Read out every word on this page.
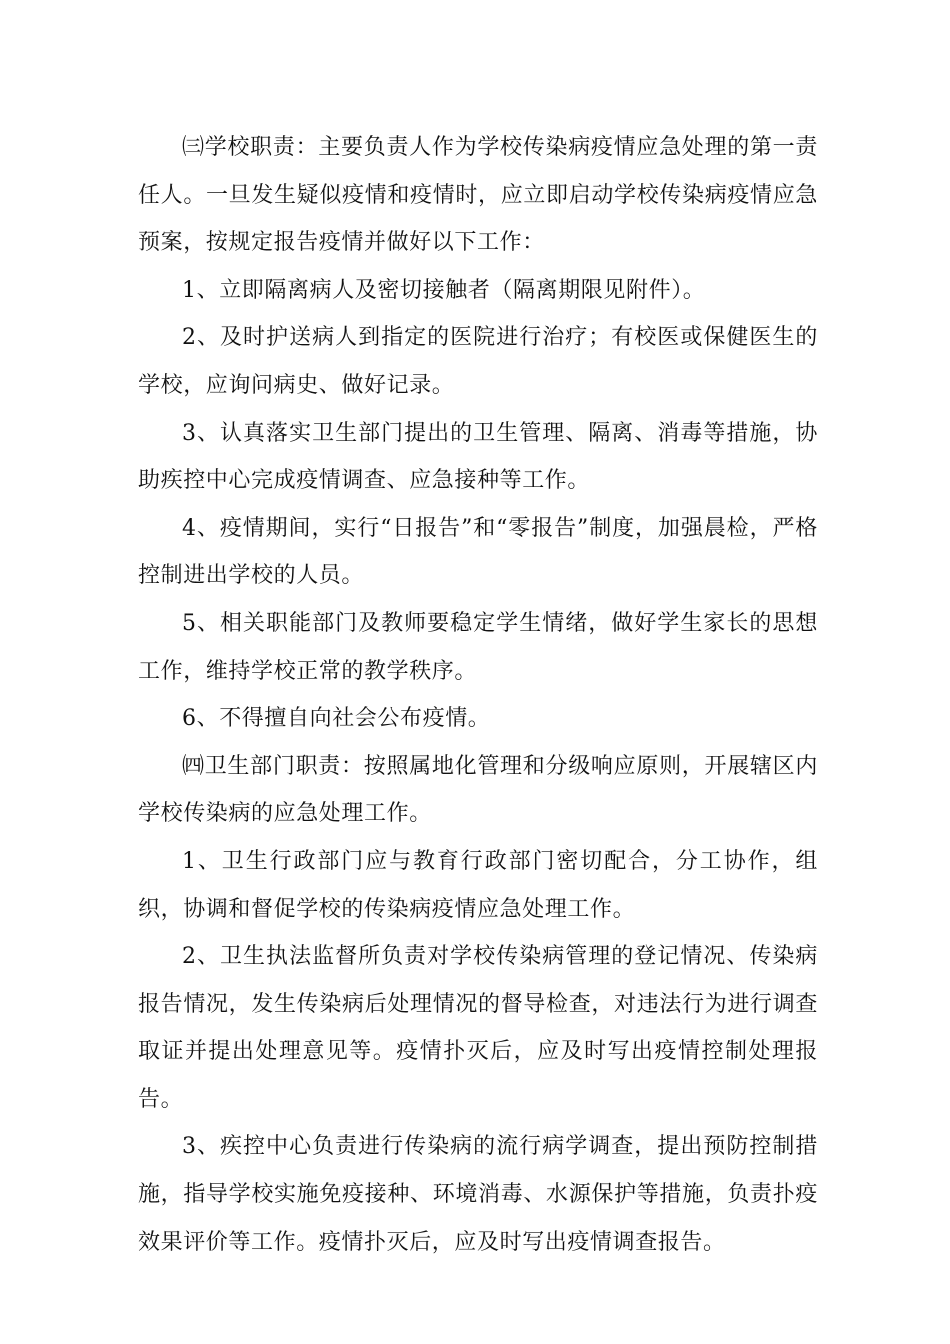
㈢学校职责：主要负责人作为学校传染病疫情应急处理的第一责任人。一旦发生疑似疫情和疫情时，应立即启动学校传染病疫情应急预案，按规定报告疫情并做好以下工作：

1、立即隔离病人及密切接触者（隔离期限见附件）。

2、及时护送病人到指定的医院进行治疗；有校医或保健医生的学校，应询问病史、做好记录。

3、认真落实卫生部门提出的卫生管理、隔离、消毒等措施，协助疾控中心完成疫情调查、应急接种等工作。

4、疫情期间，实行“日报告”和“零报告”制度，加强晨检，严格控制进出学校的人员。

5、相关职能部门及教师要稳定学生情绪，做好学生家长的思想工作，维持学校正常的教学秩序。

6、不得擅自向社会公布疫情。

㈣卫生部门职责：按照属地化管理和分级响应原则，开展辖区内学校传染病的应急处理工作。

1、卫生行政部门应与教育行政部门密切配合，分工协作，组织，协调和督促学校的传染病疫情应急处理工作。

2、卫生执法监督所负责对学校传染病管理的登记情况、传染病报告情况，发生传染病后处理情况的督导检查，对违法行为进行调查取证并提出处理意见等。疫情扑灭后，应及时写出疫情控制处理报告。

3、疾控中心负责进行传染病的流行病学调查，提出预防控制措施，指导学校实施免疫接种、环境消毒、水源保护等措施，负责扑疫效果评价等工作。疫情扑灭后，应及时写出疫情调查报告。
